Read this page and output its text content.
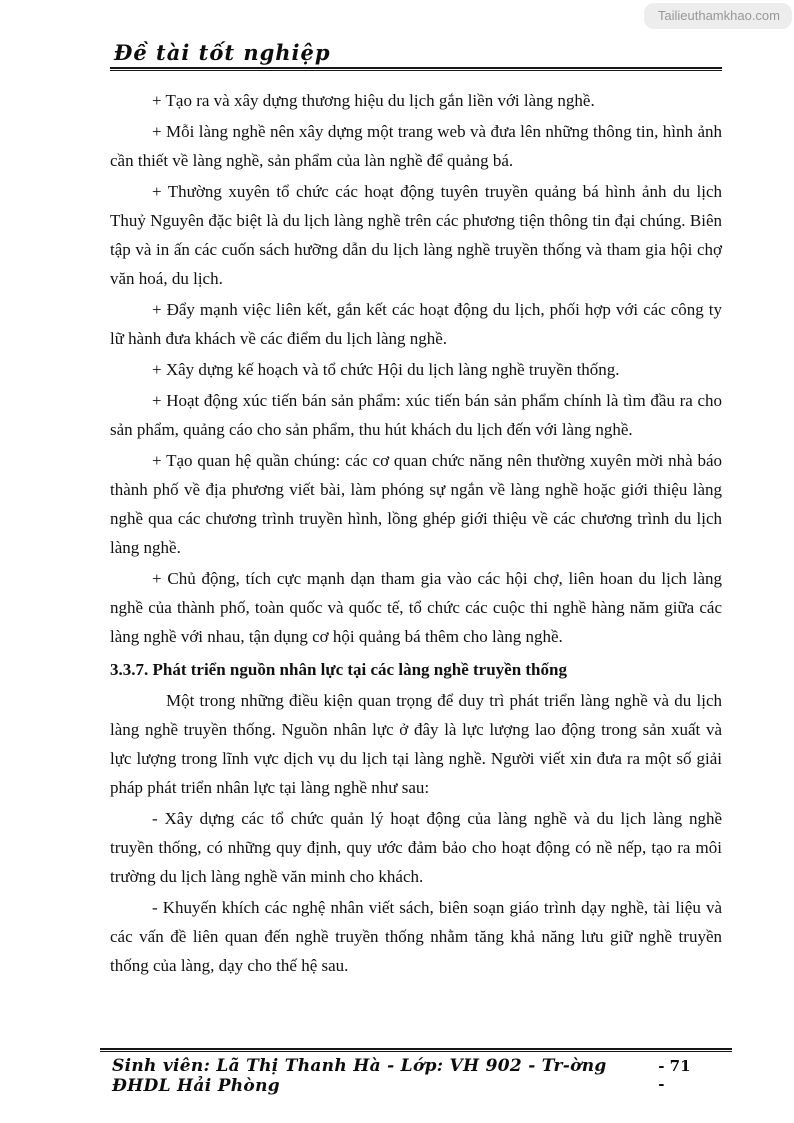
Tailieuthamkhao.com
Đề tài tốt nghiệp

+ Tạo ra và xây dựng thương hiệu du lịch gắn liền với làng nghề.

+ Mỗi làng nghề nên xây dựng một trang web và đưa lên những thông tin, hình ảnh cần thiết về làng nghề, sản phẩm của làn nghề để quảng bá.

+ Thường xuyên tổ chức các hoạt động tuyên truyền quảng bá hình ảnh du lịch Thuỷ Nguyên đặc biệt là du lịch làng nghề trên các phương tiện thông tin đại chúng. Biên tập và in ấn các cuốn sách hưỡng dẫn du lịch làng nghề truyền thống và tham gia hội chợ văn hoá, du lịch.

+ Đẩy mạnh việc liên kết, gắn kết các hoạt động du lịch, phối hợp với các công ty lữ hành đưa khách về các điểm du lịch làng nghề.

+ Xây dựng kế hoạch và tổ chức Hội du lịch làng nghề truyền thống.

+ Hoạt động xúc tiến bán sản phẩm: xúc tiến bán sản phẩm chính là tìm đầu ra cho sản phẩm, quảng cáo cho sản phẩm, thu hút khách du lịch đến với làng nghề.

+ Tạo quan hệ quần chúng: các cơ quan chức năng nên thường xuyên mời nhà báo thành phố về địa phương viết bài, làm phóng sự ngắn về làng nghề hoặc giới thiệu làng nghề qua các chương trình truyền hình, lồng ghép giới thiệu về các chương trình du lịch làng nghề.

+ Chủ động, tích cực mạnh dạn tham gia vào các hội chợ, liên hoan du lịch làng nghề của thành phố, toàn quốc và quốc tế, tổ chức các cuộc thi nghề hàng năm giữa các làng nghề với nhau, tận dụng cơ hội quảng bá thêm cho làng nghề.

3.3.7. Phát triển nguồn nhân lực tại các làng nghề truyền thống

Một trong những điều kiện quan trọng để duy trì phát triển làng nghề và du lịch làng nghề truyền thống. Nguồn nhân lực ở đây là lực lượng lao động trong sản xuất và lực lượng trong lĩnh vực dịch vụ du lịch tại làng nghề. Người viết xin đưa ra một số giải pháp phát triển nhân lực tại làng nghề như sau:

- Xây dựng các tổ chức quản lý hoạt động của làng nghề và du lịch làng nghề truyền thống, có những quy định, quy ước đảm bảo cho hoạt động có nề nếp, tạo ra môi trường du lịch làng nghề văn minh cho khách.

- Khuyến khích các nghệ nhân viết sách, biên soạn giáo trình dạy nghề, tài liệu và các vấn đề liên quan đến nghề truyền thống nhằm tăng khả năng lưu giữ nghề truyền thống của làng, dạy cho thế hệ sau.

Sinh viên: Lã Thị Thanh Hà - Lớp: VH 902 - Tr-ờng ĐHDL Hải Phòng
- 71 -
